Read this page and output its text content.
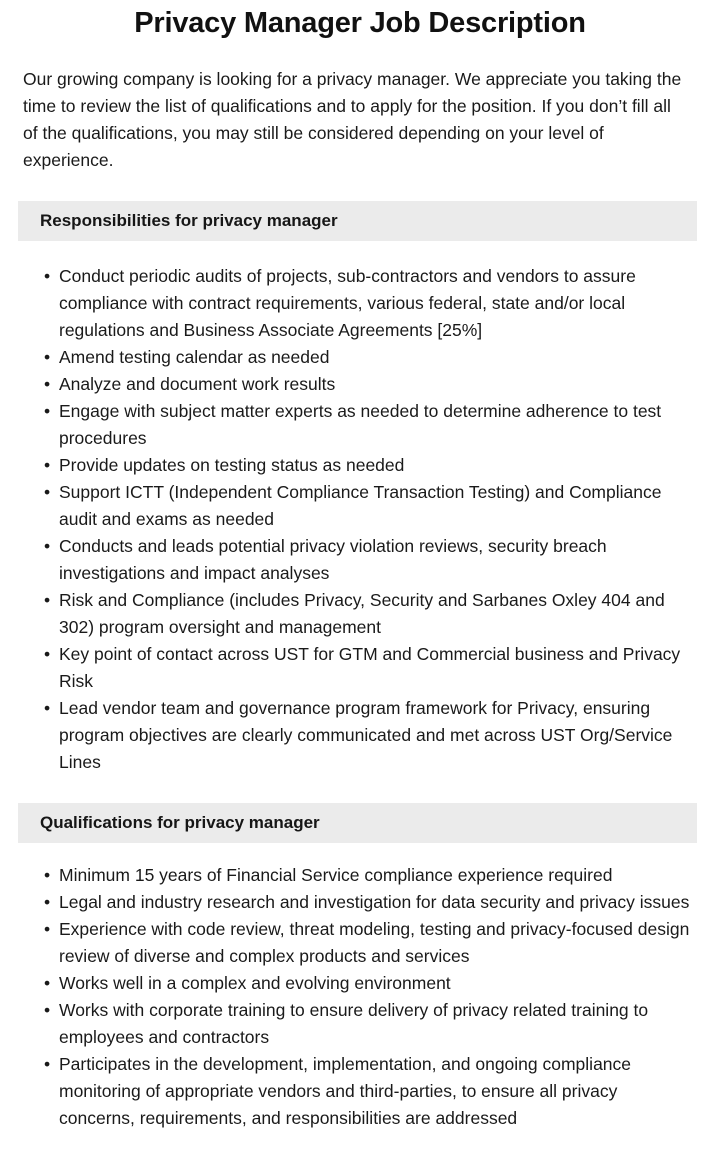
Privacy Manager Job Description

Our growing company is looking for a privacy manager. We appreciate you taking the time to review the list of qualifications and to apply for the position. If you don’t fill all of the qualifications, you may still be considered depending on your level of experience.

Responsibilities for privacy manager
• Conduct periodic audits of projects, sub-contractors and vendors to assure compliance with contract requirements, various federal, state and/or local regulations and Business Associate Agreements [25%]
• Amend testing calendar as needed
• Analyze and document work results
• Engage with subject matter experts as needed to determine adherence to test procedures
• Provide updates on testing status as needed
• Support ICTT (Independent Compliance Transaction Testing) and Compliance audit and exams as needed
• Conducts and leads potential privacy violation reviews, security breach investigations and impact analyses
• Risk and Compliance (includes Privacy, Security and Sarbanes Oxley 404 and 302) program oversight and management
• Key point of contact across UST for GTM and Commercial business and Privacy Risk
• Lead vendor team and governance program framework for Privacy, ensuring program objectives are clearly communicated and met across UST Org/Service Lines
Qualifications for privacy manager
• Minimum 15 years of Financial Service compliance experience required
• Legal and industry research and investigation for data security and privacy issues
• Experience with code review, threat modeling, testing and privacy-focused design review of diverse and complex products and services
• Works well in a complex and evolving environment
• Works with corporate training to ensure delivery of privacy related training to employees and contractors
• Participates in the development, implementation, and ongoing compliance monitoring of appropriate vendors and third-parties, to ensure all privacy concerns, requirements, and responsibilities are addressed
